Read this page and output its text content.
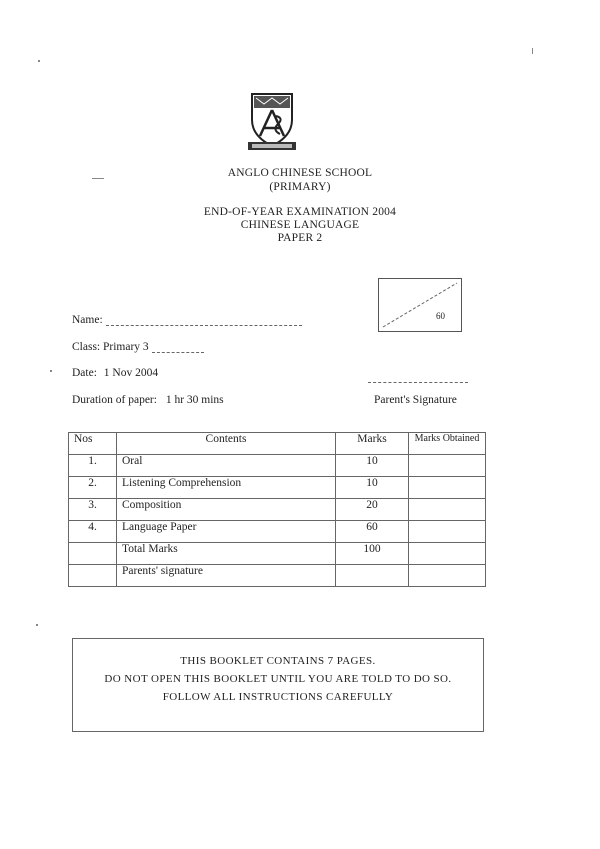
ANGLO CHINESE SCHOOL
(PRIMARY)
END-OF-YEAR EXAMINATION 2004
CHINESE LANGUAGE
PAPER 2
60
Name:
Class: Primary 3
Date: 1 Nov 2004
Duration of paper: 1 hr 30 mins	Parent's Signature
Nos	Contents	Marks	Marks Obtained
1.	Oral	10	
2.	Listening Comprehension	10	
3.	Composition	20	
4.	Language Paper	60	
	Total Marks	100	
	Parents' signature		
THIS BOOKLET CONTAINS 7 PAGES.
DO NOT OPEN THIS BOOKLET UNTIL YOU ARE TOLD TO DO SO.
FOLLOW ALL INSTRUCTIONS CAREFULLY
